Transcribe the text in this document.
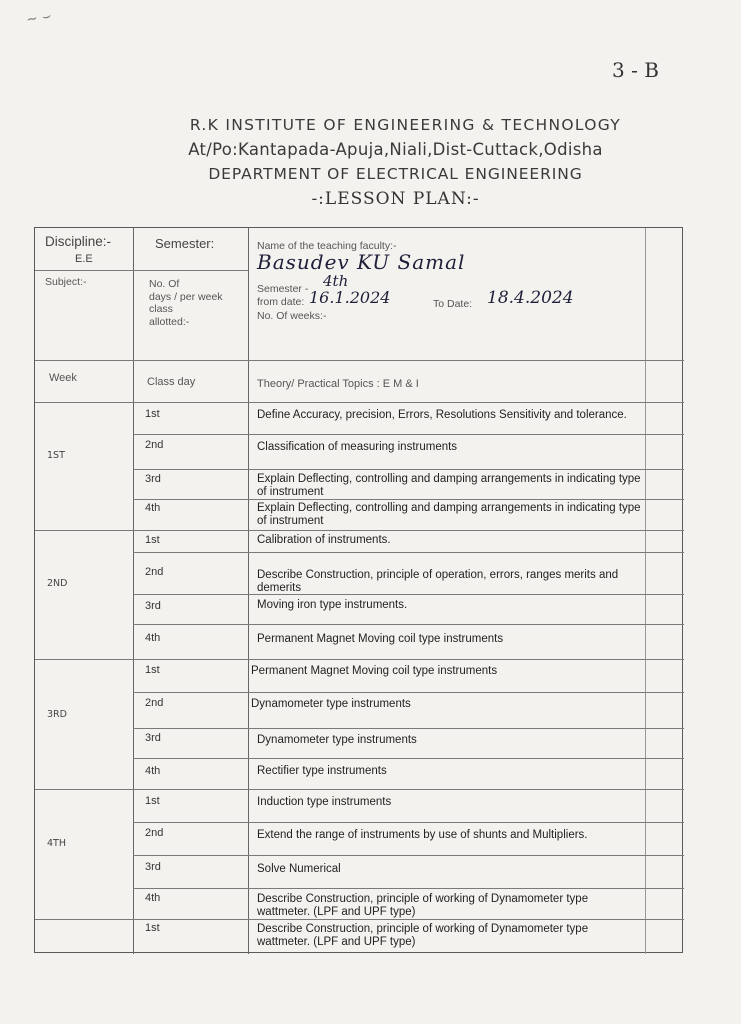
~ ⌣
3 - B
R.K INSTITUTE OF ENGINEERING & TECHNOLOGY
At/Po:Kantapada-Apuja,Niali,Dist-Cuttack,Odisha
DEPARTMENT OF ELECTRICAL ENGINEERING
-:LESSON PLAN:-
Discipline:-
E.E
Semester:	Name of the teaching faculty:-
Basudev KU Samal
Subject:-	No. Of
days / per week
class
allotted:-
Semester - 4th
from date: 16.1.2024	To Date: 18.4.2024
No. Of weeks:-
Week	Class day	Theory/ Practical Topics : E M & I
1ST
1st	Define Accuracy, precision, Errors, Resolutions Sensitivity and tolerance.
2nd	Classification of measuring instruments
3rd	Explain Deflecting, controlling and damping arrangements in indicating type of instrument
4th	Explain Deflecting, controlling and damping arrangements in indicating type of instrument
2ND
1st	Calibration of instruments.
2nd	Describe Construction, principle of operation, errors, ranges merits and demerits
3rd	Moving iron type instruments.
4th	Permanent Magnet Moving coil type instruments
3RD
1st	Permanent Magnet Moving coil type instruments
2nd	Dynamometer type instruments
3rd	Dynamometer type instruments
4th	Rectifier type instruments
4TH
1st	Induction type instruments
2nd	Extend the range of instruments by use of shunts and Multipliers.
3rd	Solve Numerical
4th	Describe Construction, principle of working of Dynamometer type wattmeter. (LPF and UPF type)
1st	Describe Construction, principle of working of Dynamometer type wattmeter. (LPF and UPF type)
